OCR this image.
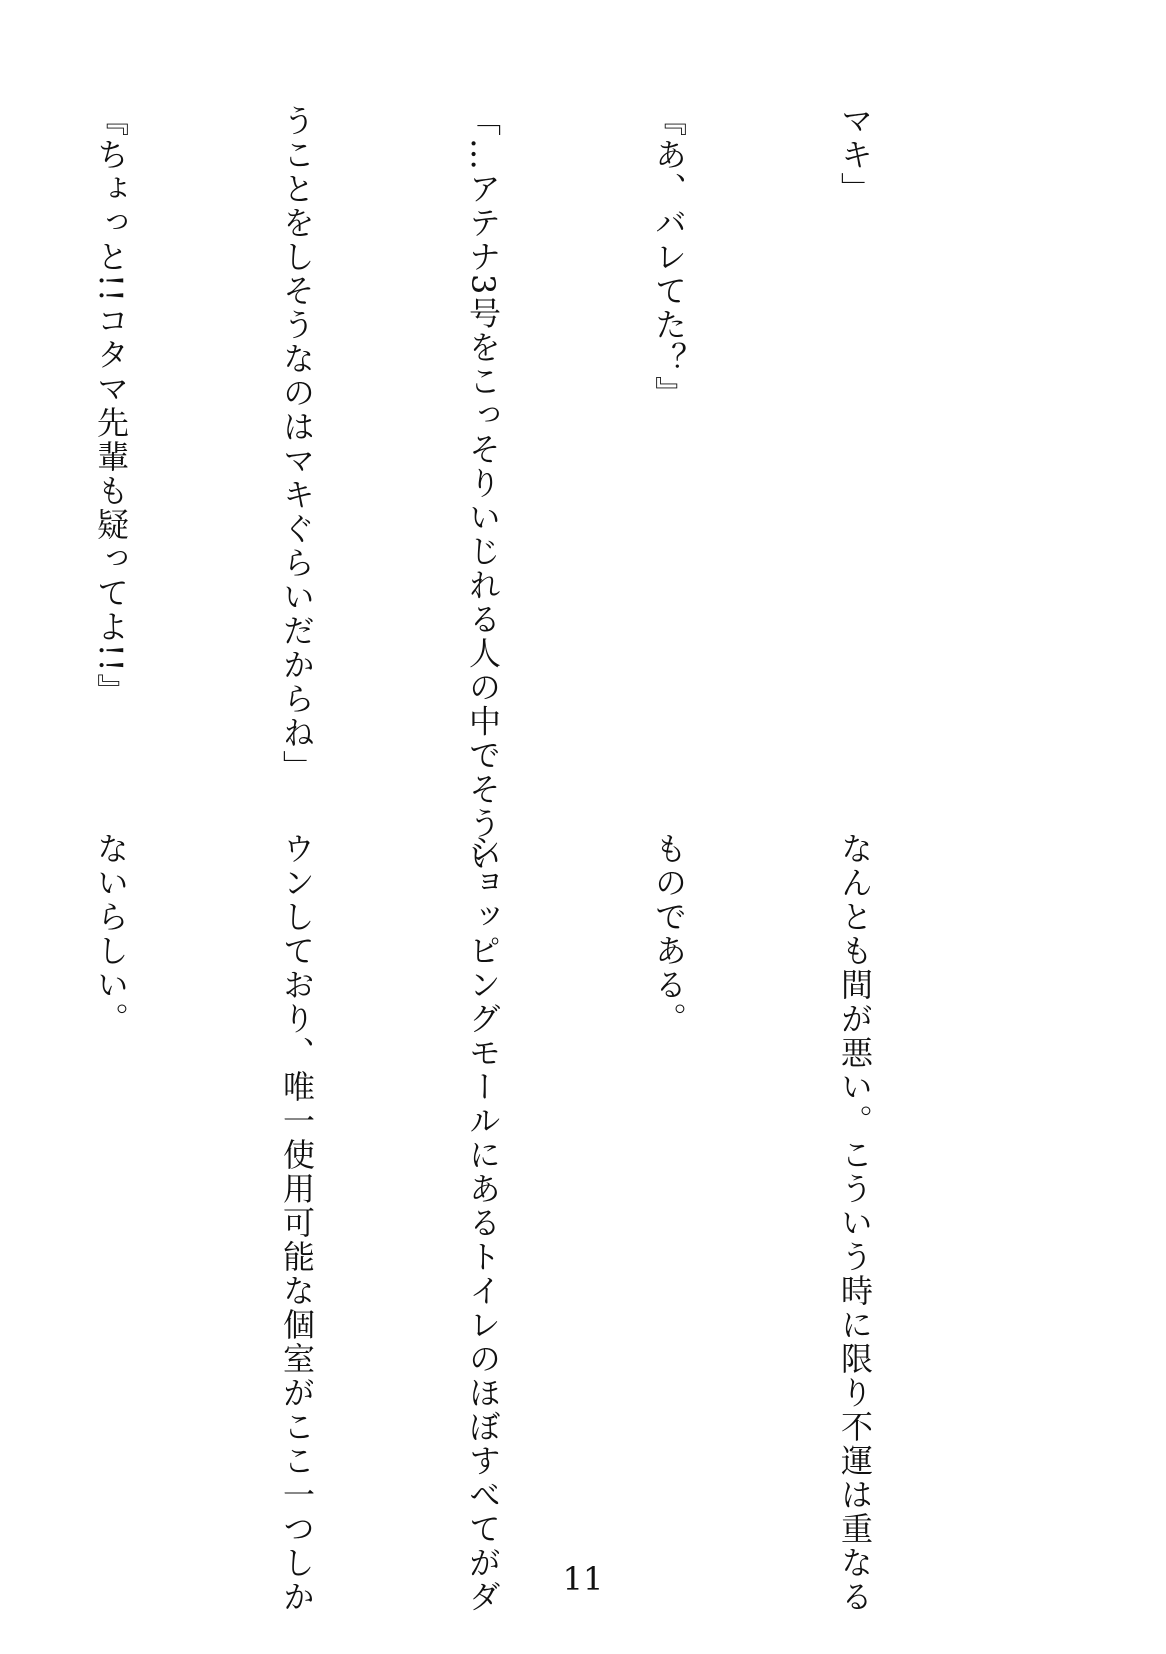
マキ」

『あ、バレてた？』

「…アテナ3号をこっそりいじれる人の中でそうい

うことをしそうなのはマキぐらいだからね」

『ちょっと!!コタマ先輩も疑ってよ!!』

なんとも間が悪い。こういう時に限り不運は重なる

ものである。

ショッピングモールにあるトイレのほぼすべてがダ

ウンしており、唯一使用可能な個室がここ一つしか

ないらしい。

11
